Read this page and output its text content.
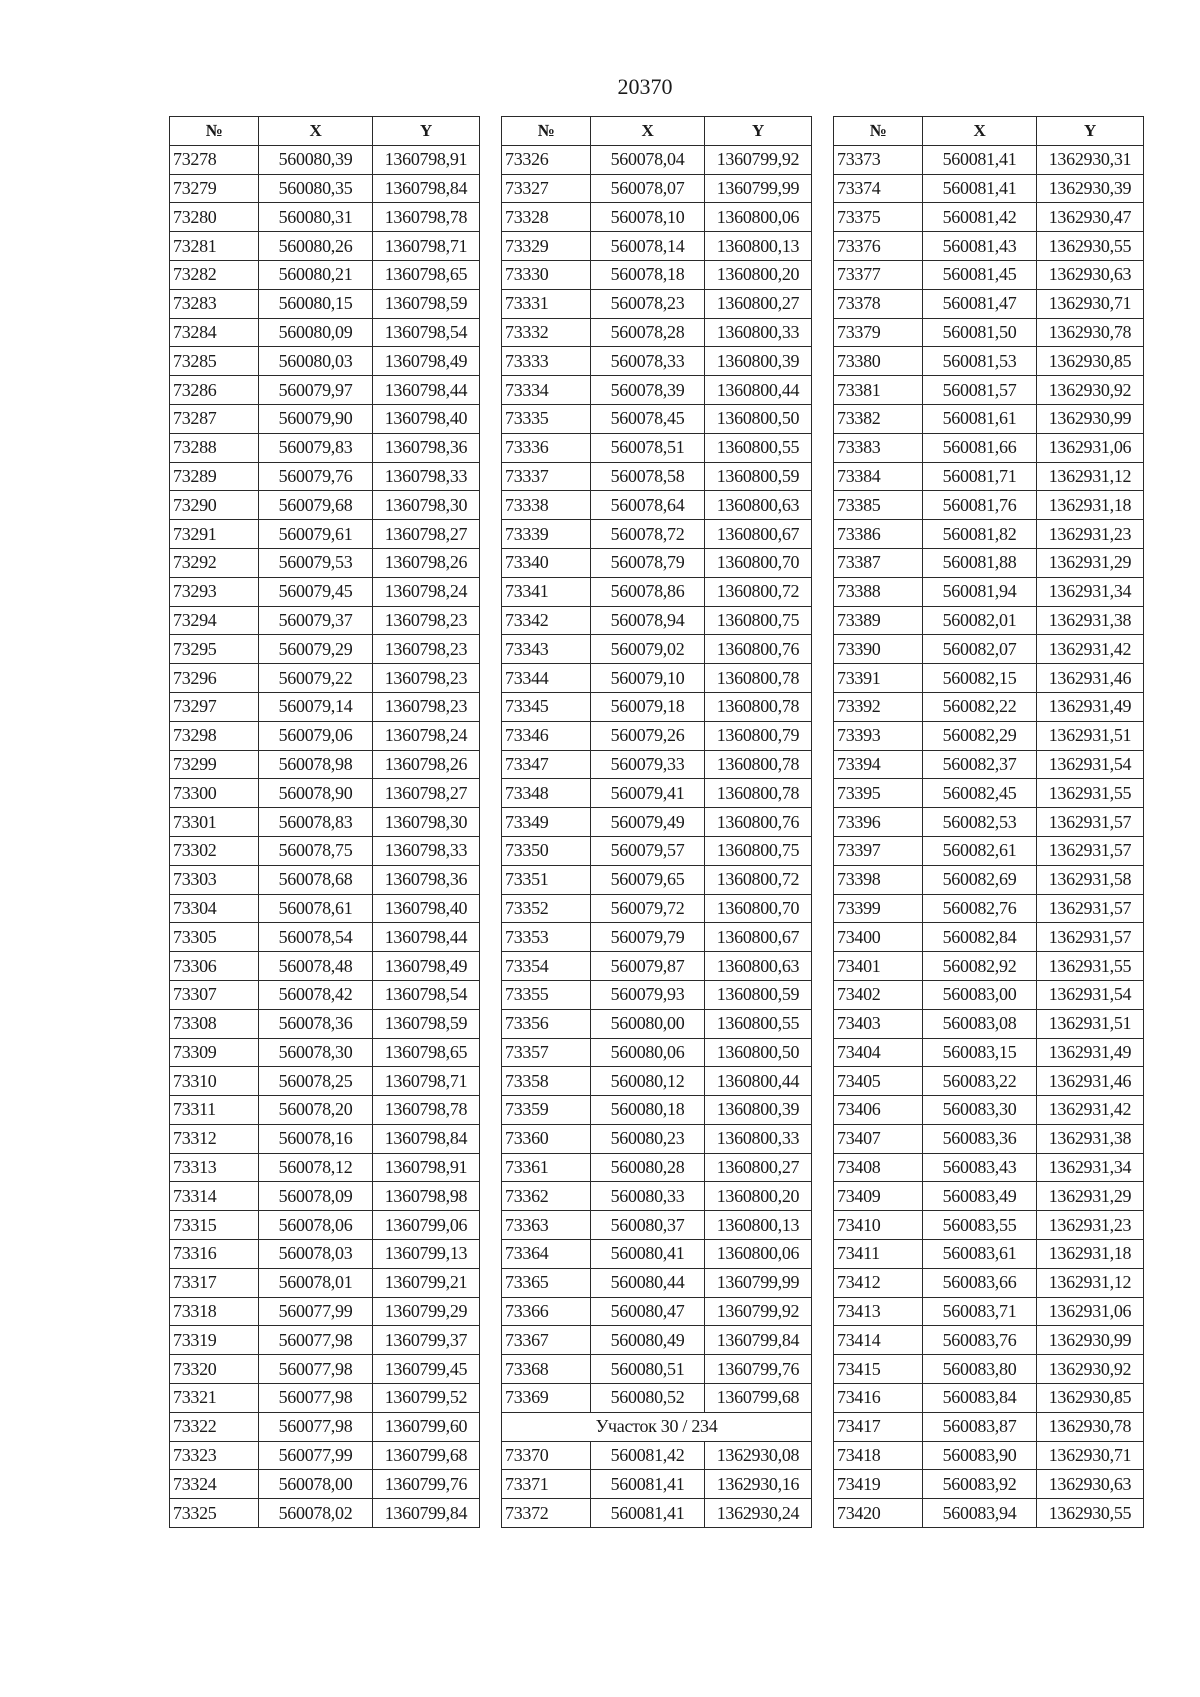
20370
№	X	Y
73278	560080,39	1360798,91
73279	560080,35	1360798,84
73280	560080,31	1360798,78
73281	560080,26	1360798,71
73282	560080,21	1360798,65
73283	560080,15	1360798,59
73284	560080,09	1360798,54
73285	560080,03	1360798,49
73286	560079,97	1360798,44
73287	560079,90	1360798,40
73288	560079,83	1360798,36
73289	560079,76	1360798,33
73290	560079,68	1360798,30
73291	560079,61	1360798,27
73292	560079,53	1360798,26
73293	560079,45	1360798,24
73294	560079,37	1360798,23
73295	560079,29	1360798,23
73296	560079,22	1360798,23
73297	560079,14	1360798,23
73298	560079,06	1360798,24
73299	560078,98	1360798,26
73300	560078,90	1360798,27
73301	560078,83	1360798,30
73302	560078,75	1360798,33
73303	560078,68	1360798,36
73304	560078,61	1360798,40
73305	560078,54	1360798,44
73306	560078,48	1360798,49
73307	560078,42	1360798,54
73308	560078,36	1360798,59
73309	560078,30	1360798,65
73310	560078,25	1360798,71
73311	560078,20	1360798,78
73312	560078,16	1360798,84
73313	560078,12	1360798,91
73314	560078,09	1360798,98
73315	560078,06	1360799,06
73316	560078,03	1360799,13
73317	560078,01	1360799,21
73318	560077,99	1360799,29
73319	560077,98	1360799,37
73320	560077,98	1360799,45
73321	560077,98	1360799,52
73322	560077,98	1360799,60
73323	560077,99	1360799,68
73324	560078,00	1360799,76
73325	560078,02	1360799,84
№	X	Y
73326	560078,04	1360799,92
73327	560078,07	1360799,99
73328	560078,10	1360800,06
73329	560078,14	1360800,13
73330	560078,18	1360800,20
73331	560078,23	1360800,27
73332	560078,28	1360800,33
73333	560078,33	1360800,39
73334	560078,39	1360800,44
73335	560078,45	1360800,50
73336	560078,51	1360800,55
73337	560078,58	1360800,59
73338	560078,64	1360800,63
73339	560078,72	1360800,67
73340	560078,79	1360800,70
73341	560078,86	1360800,72
73342	560078,94	1360800,75
73343	560079,02	1360800,76
73344	560079,10	1360800,78
73345	560079,18	1360800,78
73346	560079,26	1360800,79
73347	560079,33	1360800,78
73348	560079,41	1360800,78
73349	560079,49	1360800,76
73350	560079,57	1360800,75
73351	560079,65	1360800,72
73352	560079,72	1360800,70
73353	560079,79	1360800,67
73354	560079,87	1360800,63
73355	560079,93	1360800,59
73356	560080,00	1360800,55
73357	560080,06	1360800,50
73358	560080,12	1360800,44
73359	560080,18	1360800,39
73360	560080,23	1360800,33
73361	560080,28	1360800,27
73362	560080,33	1360800,20
73363	560080,37	1360800,13
73364	560080,41	1360800,06
73365	560080,44	1360799,99
73366	560080,47	1360799,92
73367	560080,49	1360799,84
73368	560080,51	1360799,76
73369	560080,52	1360799,68
Участок 30 / 234		
73370	560081,42	1362930,08
73371	560081,41	1362930,16
73372	560081,41	1362930,24
№	X	Y
73373	560081,41	1362930,31
73374	560081,41	1362930,39
73375	560081,42	1362930,47
73376	560081,43	1362930,55
73377	560081,45	1362930,63
73378	560081,47	1362930,71
73379	560081,50	1362930,78
73380	560081,53	1362930,85
73381	560081,57	1362930,92
73382	560081,61	1362930,99
73383	560081,66	1362931,06
73384	560081,71	1362931,12
73385	560081,76	1362931,18
73386	560081,82	1362931,23
73387	560081,88	1362931,29
73388	560081,94	1362931,34
73389	560082,01	1362931,38
73390	560082,07	1362931,42
73391	560082,15	1362931,46
73392	560082,22	1362931,49
73393	560082,29	1362931,51
73394	560082,37	1362931,54
73395	560082,45	1362931,55
73396	560082,53	1362931,57
73397	560082,61	1362931,57
73398	560082,69	1362931,58
73399	560082,76	1362931,57
73400	560082,84	1362931,57
73401	560082,92	1362931,55
73402	560083,00	1362931,54
73403	560083,08	1362931,51
73404	560083,15	1362931,49
73405	560083,22	1362931,46
73406	560083,30	1362931,42
73407	560083,36	1362931,38
73408	560083,43	1362931,34
73409	560083,49	1362931,29
73410	560083,55	1362931,23
73411	560083,61	1362931,18
73412	560083,66	1362931,12
73413	560083,71	1362931,06
73414	560083,76	1362930,99
73415	560083,80	1362930,92
73416	560083,84	1362930,85
73417	560083,87	1362930,78
73418	560083,90	1362930,71
73419	560083,92	1362930,63
73420	560083,94	1362930,55
